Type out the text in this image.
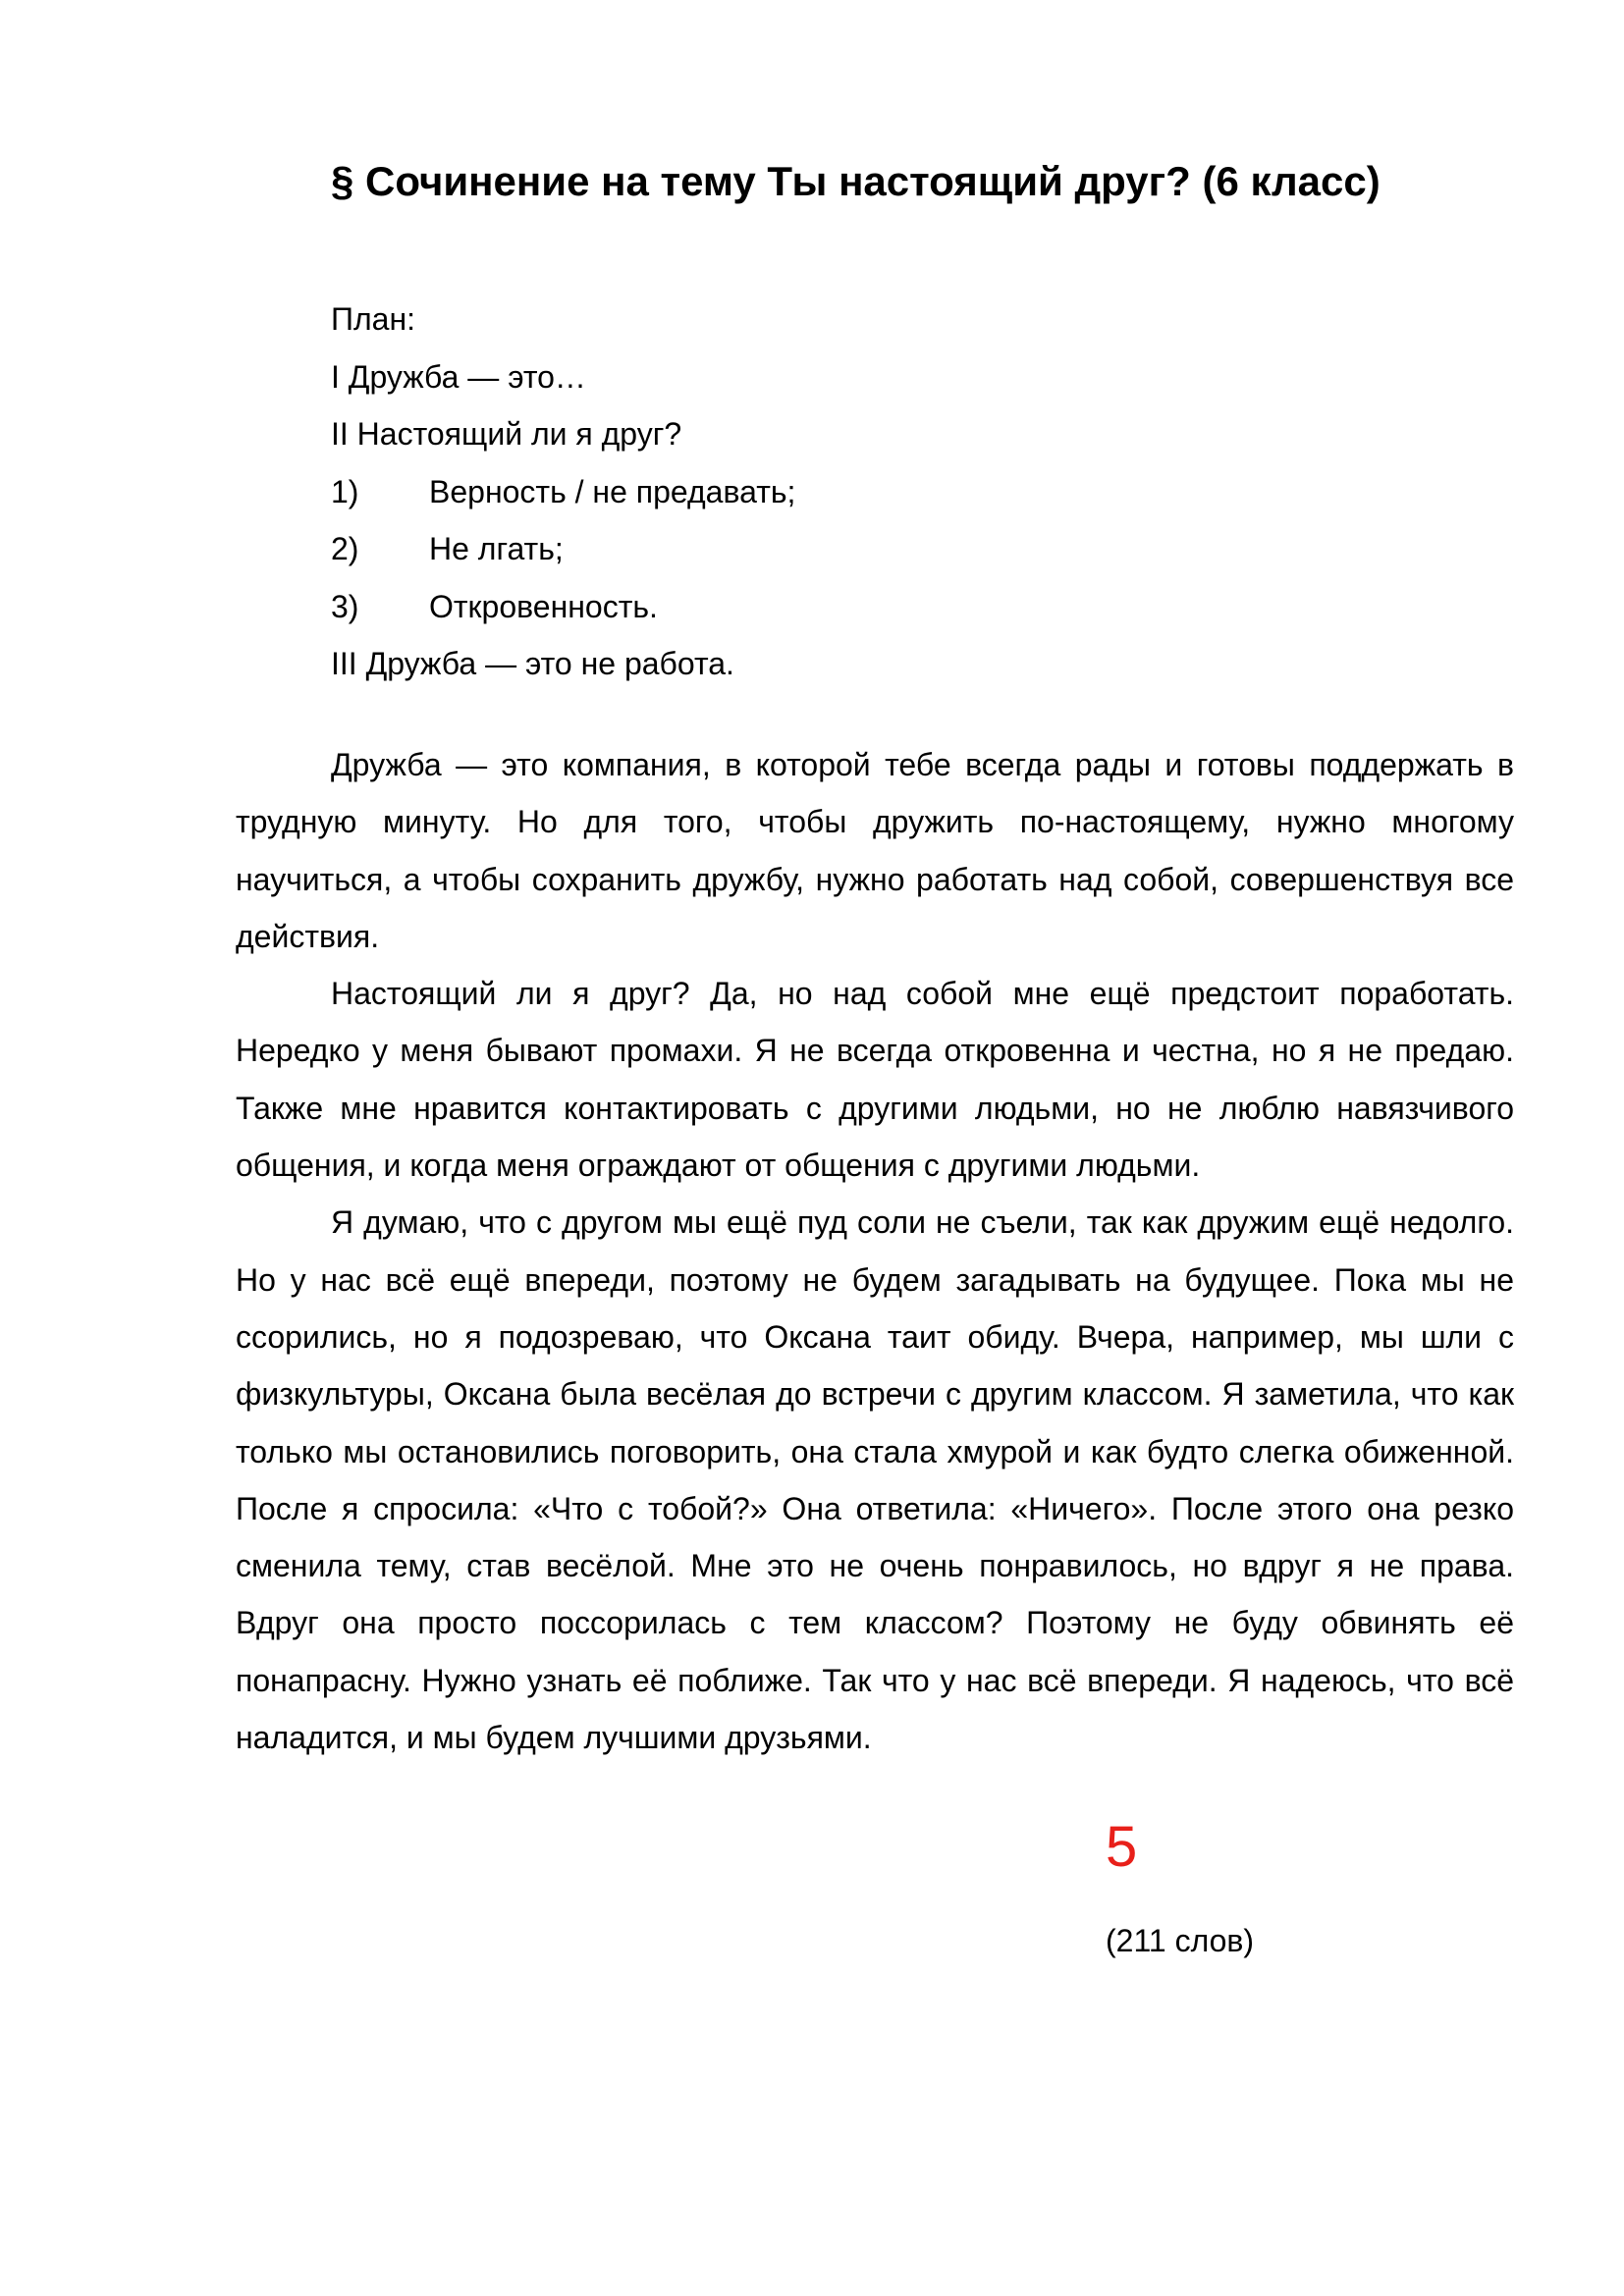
§ Сочинение на тему Ты настоящий друг? (6 класс)
План:
I Дружба — это…
II Настоящий ли я друг?
1) Верность / не предавать;
2) Не лгать;
3) Откровенность.
III Дружба — это не работа.

Дружба — это компания, в которой тебе всегда рады и готовы поддержать в трудную минуту. Но для того, чтобы дружить по-настоящему, нужно многому научиться, а чтобы сохранить дружбу, нужно работать над собой, совершенствуя все действия.

Настоящий ли я друг? Да, но над собой мне ещё предстоит поработать. Нередко у меня бывают промахи. Я не всегда откровенна и честна, но я не предаю. Также мне нравится контактировать с другими людьми, но не люблю навязчивого общения, и когда меня ограждают от общения с другими людьми.

Я думаю, что с другом мы ещё пуд соли не съели, так как дружим ещё недолго. Но у нас всё ещё впереди, поэтому не будем загадывать на будущее. Пока мы не ссорились, но я подозреваю, что Оксана таит обиду. Вчера, например, мы шли с физкультуры, Оксана была весёлая до встречи с другим классом. Я заметила, что как только мы остановились поговорить, она стала хмурой и как будто слегка обиженной. После я спросила: «Что с тобой?» Она ответила: «Ничего». После этого она резко сменила тему, став весёлой. Мне это не очень понравилось, но вдруг я не права. Вдруг она просто поссорилась с тем классом? Поэтому не буду обвинять её понапрасну. Нужно узнать её поближе. Так что у нас всё впереди. Я надеюсь, что всё наладится, и мы будем лучшими друзьями.

5
(211 слов)
